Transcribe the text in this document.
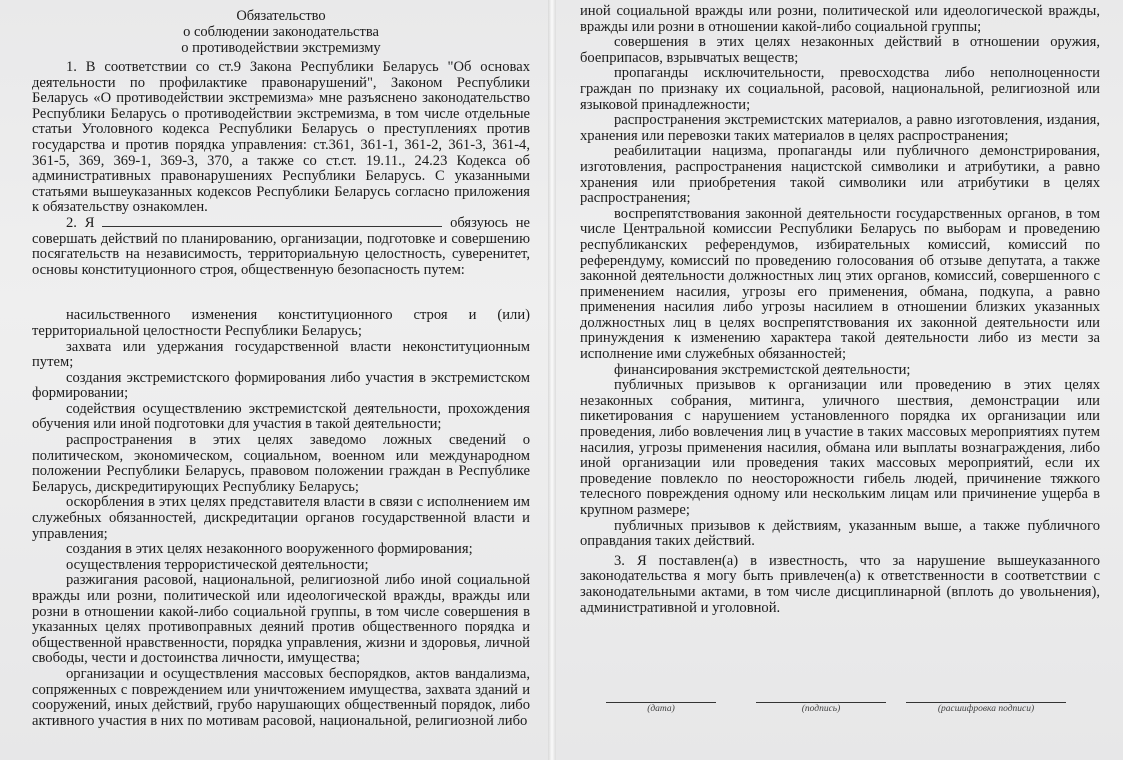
Обязательство
о соблюдении законодательства
о противодействии экстремизму

1. В соответствии со ст.9 Закона Республики Беларусь "Об основах деятельности по профилактике правонарушений", Законом Республики Беларусь «О противодействии экстремизма» мне разъяснено законодательство Республики Беларусь о противодействии экстремизма, в том числе отдельные статьи Уголовного кодекса Республики Беларусь о преступлениях против государства и против порядка управления: ст.361, 361-1, 361-2, 361-3, 361-4, 361-5, 369, 369-1, 369-3, 370, а также со ст.ст. 19.11., 24.23 Кодекса об административных правонарушениях Республики Беларусь. С указанными статьями вышеуказанных кодексов Республики Беларусь согласно приложения к обязательству ознакомлен.

2. Я	обязуюсь не совершать действий по планированию, организации, подготовке и совершению посягательств на независимость, территориальную целостность, суверенитет, основы конституционного строя, общественную безопасность путем:

насильственного изменения конституционного строя и (или) территориальной целостности Республики Беларусь;

захвата или удержания государственной власти неконституционным путем;

создания экстремистского формирования либо участия в экстремистском формировании;

содействия осуществлению экстремистской деятельности, прохождения обучения или иной подготовки для участия в такой деятельности;

распространения в этих целях заведомо ложных сведений о политическом, экономическом, социальном, военном или международном положении Республики Беларусь, правовом положении граждан в Республике Беларусь, дискредитирующих Республику Беларусь;

оскорбления в этих целях представителя власти в связи с исполнением им служебных обязанностей, дискредитации органов государственной власти и управления;

создания в этих целях незаконного вооруженного формирования;

осуществления террористической деятельности;

разжигания расовой, национальной, религиозной либо иной социальной вражды или розни, политической или идеологической вражды, вражды или розни в отношении какой-либо социальной группы, в том числе совершения в указанных целях противоправных деяний против общественного порядка и общественной нравственности, порядка управления, жизни и здоровья, личной свободы, чести и достоинства личности, имущества;

организации и осуществления массовых беспорядков, актов вандализма, сопряженных с повреждением или уничтожением имущества, захвата зданий и сооружений, иных действий, грубо нарушающих общественный порядок, либо активного участия в них по мотивам расовой, национальной, религиозной либо

иной социальной вражды или розни, политической или идеологической вражды, вражды или розни в отношении какой-либо социальной группы;

совершения в этих целях незаконных действий в отношении оружия, боеприпасов, взрывчатых веществ;

пропаганды исключительности, превосходства либо неполноценности граждан по признаку их социальной, расовой, национальной, религиозной или языковой принадлежности;

распространения экстремистских материалов, а равно изготовления, издания, хранения или перевозки таких материалов в целях распространения;

реабилитации нацизма, пропаганды или публичного демонстрирования, изготовления, распространения нацистской символики и атрибутики, а равно хранения или приобретения такой символики или атрибутики в целях распространения;

воспрепятствования законной деятельности государственных органов, в том числе Центральной комиссии Республики Беларусь по выборам и проведению республиканских референдумов, избирательных комиссий, комиссий по референдуму, комиссий по проведению голосования об отзыве депутата, а также законной деятельности должностных лиц этих органов, комиссий, совершенного с применением насилия, угрозы его применения, обмана, подкупа, а равно применения насилия либо угрозы насилием в отношении близких указанных должностных лиц в целях воспрепятствования их законной деятельности или принуждения к изменению характера такой деятельности либо из мести за исполнение ими служебных обязанностей;

финансирования экстремистской деятельности;

публичных призывов к организации или проведению в этих целях незаконных собрания, митинга, уличного шествия, демонстрации или пикетирования с нарушением установленного порядка их организации или проведения, либо вовлечения лиц в участие в таких массовых мероприятиях путем насилия, угрозы применения насилия, обмана или выплаты вознаграждения, либо иной организации или проведения таких массовых мероприятий, если их проведение повлекло по неосторожности гибель людей, причинение тяжкого телесного повреждения одному или нескольким лицам или причинение ущерба в крупном размере;

публичных призывов к действиям, указанным выше, а также публичного оправдания таких действий.

3. Я поставлен(а) в известность, что за нарушение вышеуказанного законодательства я могу быть привлечен(а) к ответственности в соответствии с законодательными актами, в том числе дисциплинарной (вплоть до увольнения), административной и уголовной.

(дата)	(подпись)	(расшифровка подписи)
